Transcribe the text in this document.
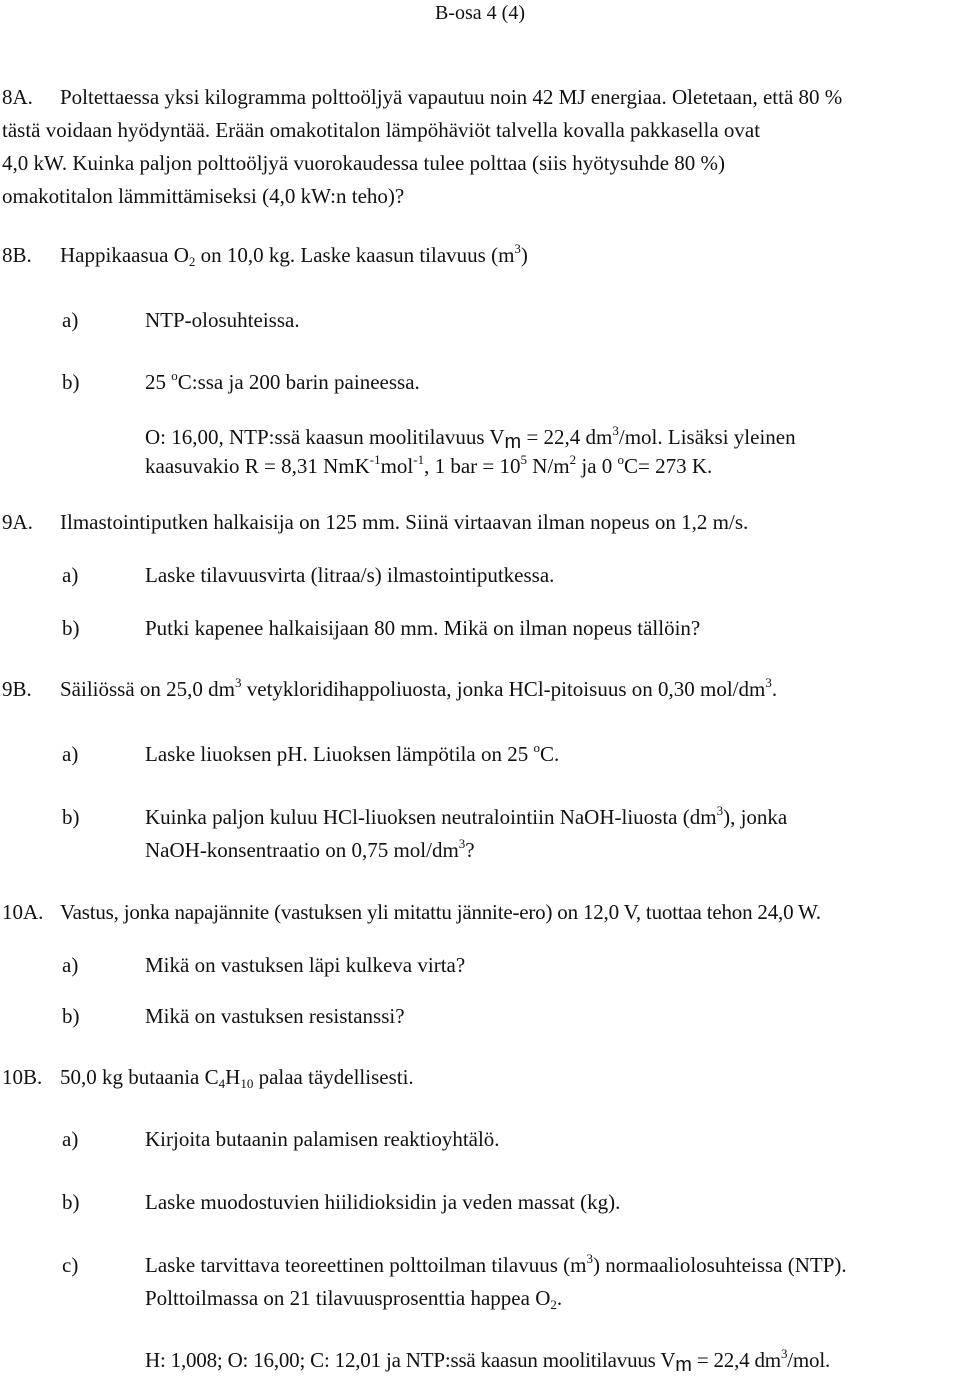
B-osa 4 (4)
8A. Poltettaessa yksi kilogramma polttoöljyä vapautuu noin 42 MJ energiaa. Oletetaan, että 80 %
tästä voidaan hyödyntää. Erään omakotitalon lämpöhäviöt talvella kovalla pakkasella ovat
4,0 kW. Kuinka paljon polttoöljyä vuorokaudessa tulee polttaa (siis hyötysuhde 80 %)
omakotitalon lämmittämiseksi (4,0 kW:n teho)?
8B. Happikaasua $O_2$ on 10,0 kg. Laske kaasun tilavuus $(m^3)$
a)	NTP-olosuhteissa.
b)	25 $^o$C:ssa ja 200 barin paineessa.
O: 16,00, NTP:ssä kaasun moolitilavuus $V_m = 22,4$ $dm^3$/mol. Lisäksi yleinen
kaasuvakio R = 8,31 NmK$^{-1}$mol$^{-1}$, 1 bar = $10^5$ $N/m^2$ ja 0 $^o$C= 273 K.
9A. Ilmastointiputken halkaisija on 125 mm. Siinä virtaavan ilman nopeus on 1,2 m/s.
a)	Laske tilavuusvirta (litraa/s) ilmastointiputkessa.
b)	Putki kapenee halkaisijaan 80 mm. Mikä on ilman nopeus tällöin?
9B. Säiliössä on 25,0 $dm^3$ vetykloridihappoliuosta, jonka HCl-pitoisuus on 0,30 mol/$dm^3$.
a)	Laske liuoksen pH. Liuoksen lämpötila on 25 $^o$C.
b)	Kuinka paljon kuluu HCl-liuoksen neutralointiin NaOH-liuosta $(dm^3)$, jonka
NaOH-konsentraatio on 0,75 mol/$dm^3$?
10A. Vastus, jonka napajännite (vastuksen yli mitattu jännite-ero) on 12,0 V, tuottaa tehon 24,0 W.
a)	Mikä on vastuksen läpi kulkeva virta?
b)	Mikä on vastuksen resistanssi?
10B. 50,0 kg butaania $C_4H_{10}$ palaa täydellisesti.
a)	Kirjoita butaanin palamisen reaktioyhtälö.
b)	Laske muodostuvien hiilidioksidin ja veden massat (kg).
c)	Laske tarvittava teoreettinen polttoilman tilavuus $(m^3)$ normaaliolosuhteissa (NTP).
Polttoilmassa on 21 tilavuusprosenttia happea $O_2$.
H: 1,008; O: 16,00; C: 12,01 ja NTP:ssä kaasun moolitilavuus $V_m = 22,4$ $dm^3$/mol.
